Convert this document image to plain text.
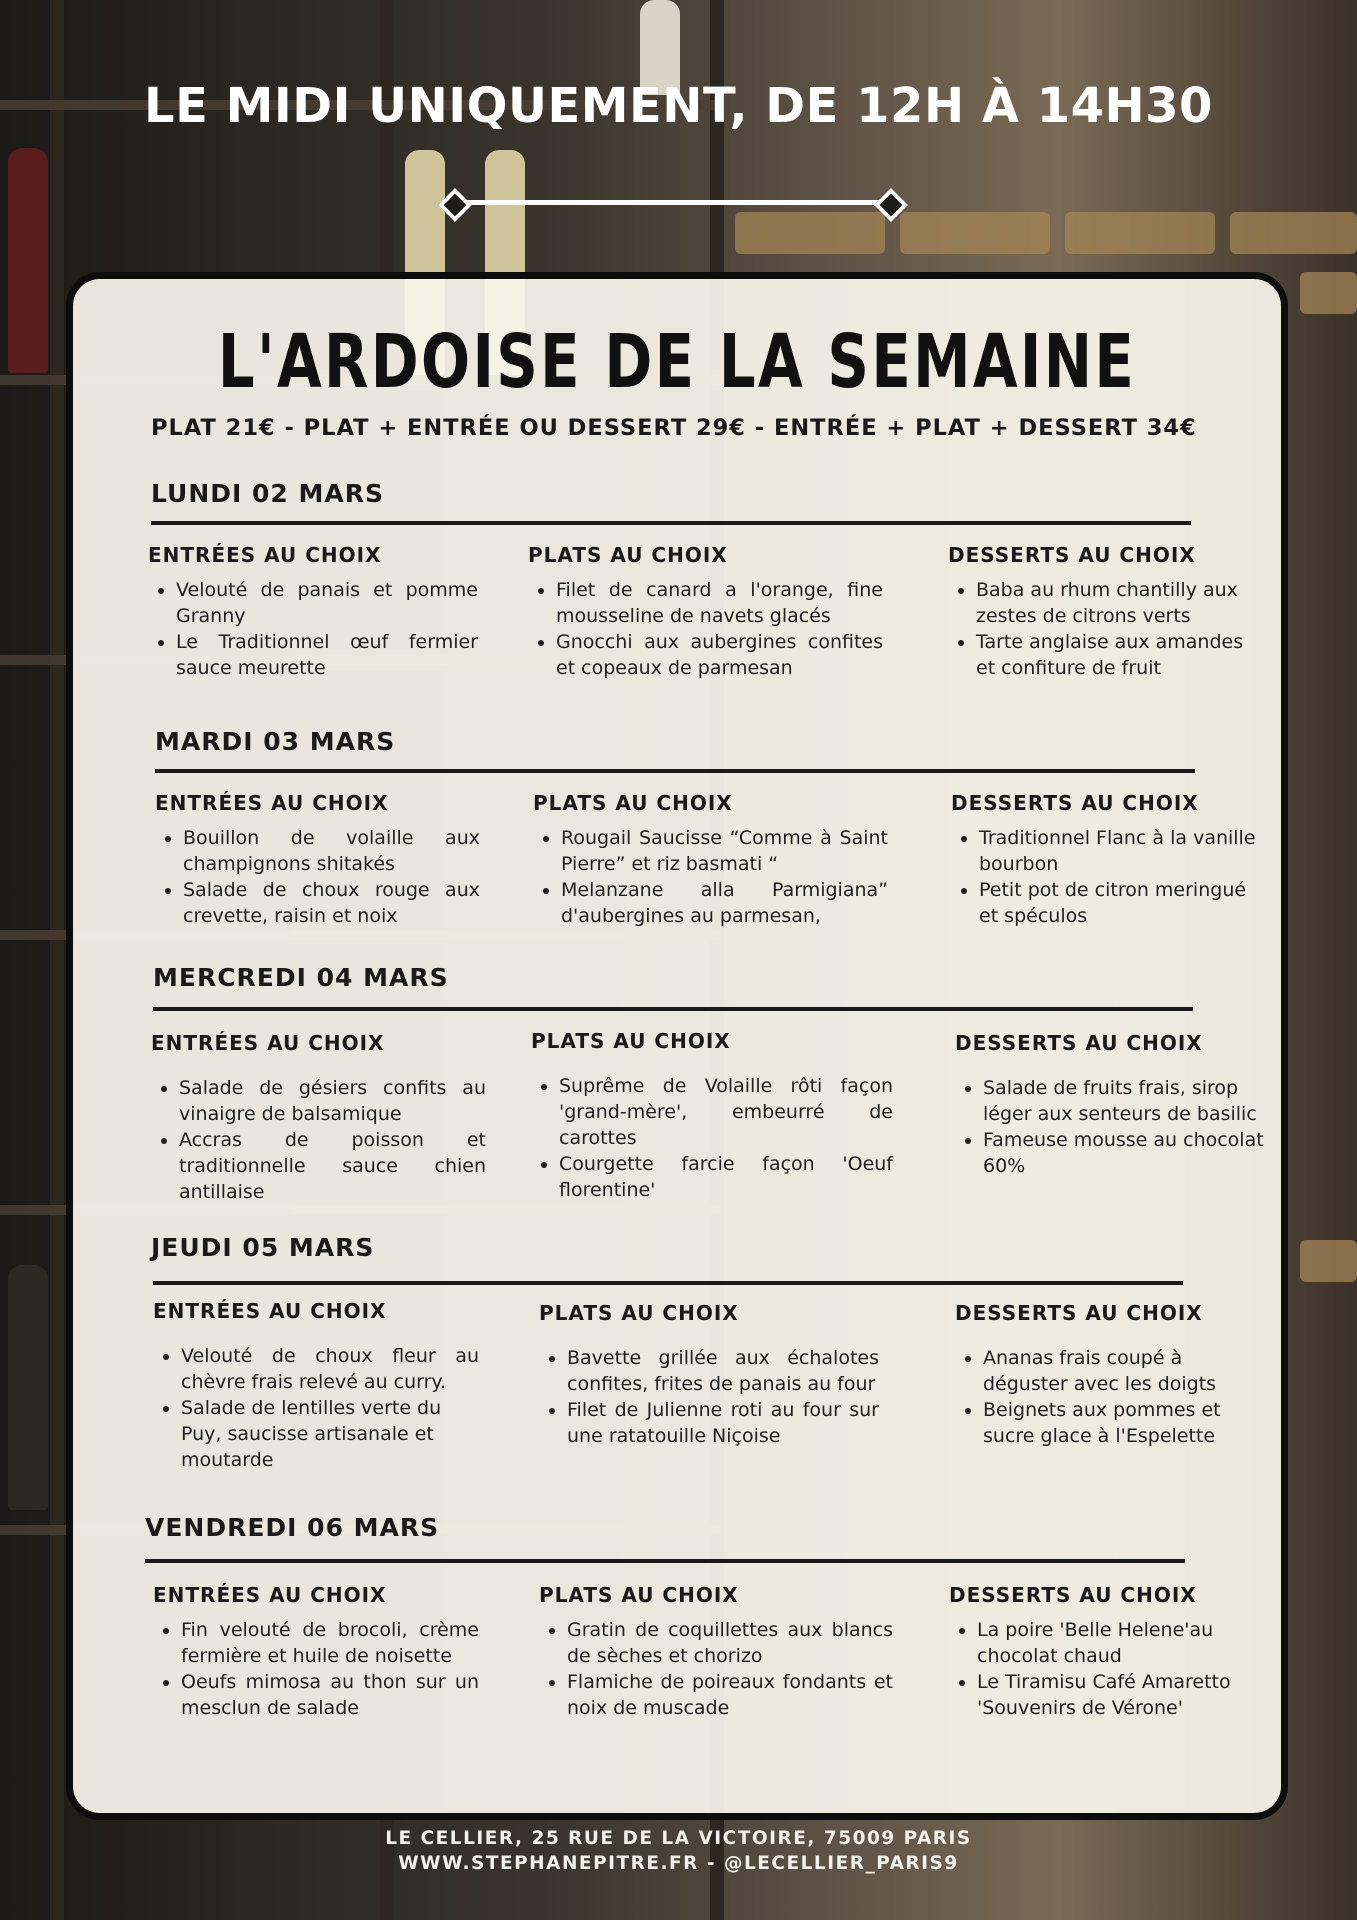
LE MIDI UNIQUEMENT, DE 12H À 14H30
L'ARDOISE DE LA SEMAINE
PLAT 21€ - PLAT + ENTRÉE OU DESSERT 29€ - ENTRÉE + PLAT + DESSERT 34€
LUNDI 02 MARS
ENTRÉES AU CHOIX
• Velouté de panais et pomme Granny
• Le Traditionnel œuf fermier sauce meurette
PLATS AU CHOIX
• Filet de canard a l'orange, fine mousseline de navets glacés
• Gnocchi aux aubergines confites et copeaux de parmesan
DESSERTS AU CHOIX
• Baba au rhum chantilly aux zestes de citrons verts
• Tarte anglaise aux amandes et confiture de fruit
MARDI 03 MARS
ENTRÉES AU CHOIX
• Bouillon de volaille aux champignons shitakés
• Salade de choux rouge aux crevette, raisin et noix
PLATS AU CHOIX
• Rougail Saucisse “Comme à Saint Pierre” et riz basmati “
• Melanzane alla Parmigiana” d'aubergines au parmesan,
DESSERTS AU CHOIX
• Traditionnel Flanc à la vanille bourbon
• Petit pot de citron meringué et spéculos
MERCREDI 04 MARS
ENTRÉES AU CHOIX
• Salade de gésiers confits au vinaigre de balsamique
• Accras de poisson et traditionnelle sauce chien antillaise
PLATS AU CHOIX
• Suprême de Volaille rôti façon 'grand-mère', embeurré de carottes
• Courgette farcie façon 'Oeuf florentine'
DESSERTS AU CHOIX
• Salade de fruits frais, sirop léger aux senteurs de basilic
• Fameuse mousse au chocolat 60%
JEUDI 05 MARS
ENTRÉES AU CHOIX
• Velouté de choux fleur au chèvre frais relevé au curry.
• Salade de lentilles verte du Puy, saucisse artisanale et moutarde
PLATS AU CHOIX
• Bavette grillée aux échalotes confites, frites de panais au four
• Filet de Julienne roti au four sur une ratatouille Niçoise
DESSERTS AU CHOIX
• Ananas frais coupé à déguster avec les doigts
• Beignets aux pommes et sucre glace à l'Espelette
VENDREDI 06 MARS
ENTRÉES AU CHOIX
• Fin velouté de brocoli, crème fermière et huile de noisette
• Oeufs mimosa au thon sur un mesclun de salade
PLATS AU CHOIX
• Gratin de coquillettes aux blancs de sèches et chorizo
• Flamiche de poireaux fondants et noix de muscade
DESSERTS AU CHOIX
• La poire 'Belle Helene'au chocolat chaud
• Le Tiramisu Café Amaretto 'Souvenirs de Vérone'
LE CELLIER, 25 RUE DE LA VICTOIRE, 75009 PARIS
WWW.STEPHANEPITRE.FR - @LECELLIER_PARIS9
